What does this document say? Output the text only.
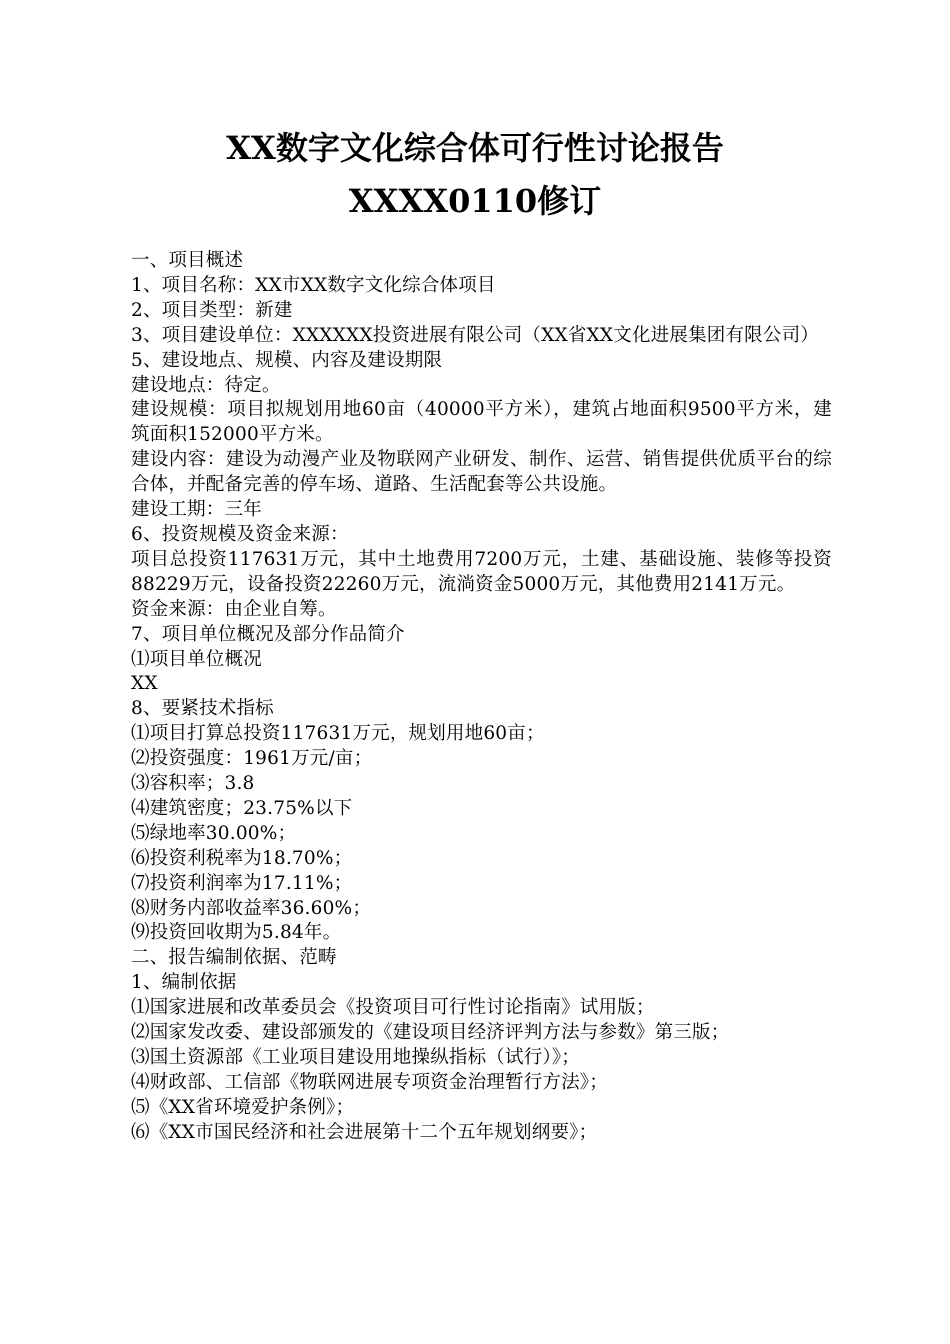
XX数字文化综合体可行性讨论报告
XXXX0110修订

一、项目概述

1、项目名称：XX市XX数字文化综合体项目

2、项目类型：新建

3、项目建设单位：XXXXXX投资进展有限公司（XX省XX文化进展集团有限公司）

5、建设地点、规模、内容及建设期限

建设地点：待定。

建设规模：项目拟规划用地60亩（40000平方米），建筑占地面积9500平方米，建筑面积152000平方米。

建设内容：建设为动漫产业及物联网产业研发、制作、运营、销售提供优质平台的综合体，并配备完善的停车场、道路、生活配套等公共设施。

建设工期：三年

6、投资规模及资金来源：

项目总投资117631万元，其中土地费用7200万元，土建、基础设施、装修等投资88229万元，设备投资22260万元，流淌资金5000万元，其他费用2141万元。

资金来源：由企业自筹。

7、项目单位概况及部分作品简介

⑴项目单位概况

XX

8、要紧技术指标

⑴项目打算总投资117631万元，规划用地60亩；

⑵投资强度：1961万元/亩；

⑶容积率；3.8

⑷建筑密度；23.75%以下

⑸绿地率30.00%；

⑹投资利税率为18.70%；

⑺投资利润率为17.11%；

⑻财务内部收益率36.60%；

⑼投资回收期为5.84年。

二、报告编制依据、范畴

1、编制依据

⑴国家进展和改革委员会《投资项目可行性讨论指南》试用版；

⑵国家发改委、建设部颁发的《建设项目经济评判方法与参数》第三版；

⑶国土资源部《工业项目建设用地操纵指标（试行）》；

⑷财政部、工信部《物联网进展专项资金治理暂行方法》；

⑸《XX省环境爱护条例》；

⑹《XX市国民经济和社会进展第十二个五年规划纲要》；
